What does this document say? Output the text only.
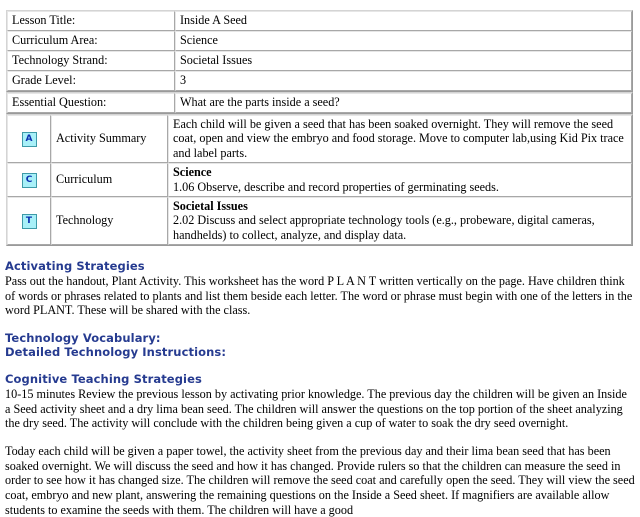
Lesson Title:	Inside A Seed
Curriculum Area:	Science
Technology Strand:	Societal Issues
Grade Level:	3
Essential Question:	What are the parts inside a seed?
A	Activity Summary	Each child will be given a seed that has been soaked overnight. They will remove the seed coat, open and view the embryo and food storage. Move to computer lab,using Kid Pix trace and label parts.
C	Curriculum	Science
1.06 Observe, describe and record properties of germinating seeds.

T	Technology	Societal Issues
2.02 Discuss and select appropriate technology tools (e.g., probeware, digital cameras, handhelds) to collect, analyze, and display data.
Activating Strategies

Pass out the handout, Plant Activity. This worksheet has the word P L A N T written vertically on the page. Have children think of words or phrases related to plants and list them beside each letter. The word or phrase must begin with one of the letters in the word PLANT. These will be shared with the class.

Technology Vocabulary:
Detailed Technology Instructions:
Cognitive Teaching Strategies

10-15 minutes Review the previous lesson by activating prior knowledge. The previous day the children will be given an Inside a Seed activity sheet and a dry lima bean seed. The children will answer the questions on the top portion of the sheet analyzing the dry seed. The activity will conclude with the children being given a cup of water to soak the dry seed overnight.

Today each child will be given a paper towel, the activity sheet from the previous day and their lima bean seed that has been soaked overnight. We will discuss the seed and how it has changed. Provide rulers so that the children can measure the seed in order to see how it has changed size. The children will remove the seed coat and carefully open the seed. They will view the seed coat, embryo and new plant, answering the remaining questions on the Inside a Seed sheet. If magnifiers are available allow students to examine the seeds with them. The children will have a good
